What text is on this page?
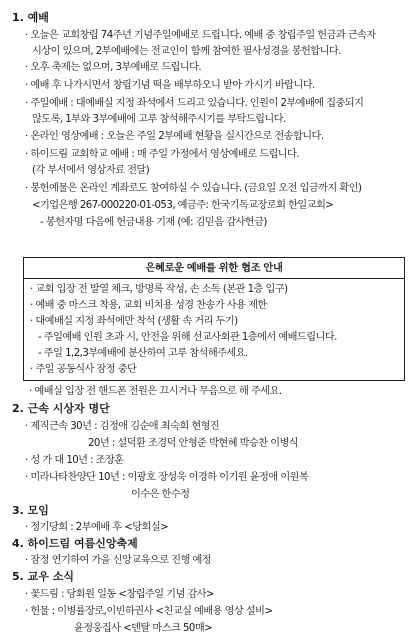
1. 예배
· 오늘은 교회창립 74주년 기념주일예배로 드립니다. 예배 중 창립주일 헌금과 근속자
시상이 있으며, 2부예배에는 전교인이 함께 참여한 필사성경을 봉헌합니다.
· 오후 축제는 없으며, 3부예배로 드립니다.
· 예배 후 나가시면서 창립기념 떡을 배부하오니 받아 가시기 바랍니다.
· 주일예배 : 대예배실 지정 좌석에서 드리고 있습니다. 인원이 2부예배에 집중되지
않도록, 1부와 3부예배에 고루 참석해주시기를 부탁드립니다.
· 온라인 영상예배 : 오늘은 주일 2부예배 현황을 실시간으로 전송합니다.
· 하이드림 교회학교 예배 : 매 주일 가정에서 영상예배로 드립니다.
(각 부서에서 영상자료 전달)
· 봉헌예물은 온라인 계좌로도 참여하실 수 있습니다. (금요일 오전 입금까지 확인)
<기업은행 267-000220-01-053, 예금주: 한국기독교장로회 한일교회>
- 봉헌자명 다음에 헌금내용 기재 (예: 김믿음 감사헌금)
은혜로운 예배를 위한 협조 안내
· 교회 입장 전 발열 체크, 방명록 작성, 손 소독 (본관 1층 입구)
· 예배 중 마스크 착용, 교회 비치용 성경 찬송가 사용 제한
· 대예배실 지정 좌석에만 착석 (생활 속 거리 두기)
- 주일예배 인원 초과 시, 안전을 위해 선교사회관 1층에서 예배드립니다.
- 주일 1,2,3부예배에 분산하여 고루 참석해주세요.
· 주일 공동식사 잠정 중단
· 예배실 입장 전 핸드폰 전원은 끄시거나 무음으로 해 주세요.
2. 근속 시상자 명단
· 제직근속 30년 : 김정애 김순애 최숙희 현형진
20년 : 설덕환 조경덕 안형준 박현혜 박승찬 이병식
· 성 가 대 10년 : 조장훈
· 미라나타찬양단 10년 : 이광호 장성욱 이경하 이기원 윤정애 이원복
이수은 한수정
3. 모임
· 정기당회 : 2부예배 후 <당회실>
4. 하이드림 여름신앙축제
· 잠정 연기하여 가을 신앙교육으로 진행 예정
5. 교우 소식
· 꽃드림 : 당회원 일동 <창립주일 기념 감사>
· 헌물 : 이병률장로,이빈하권사 <친교실 예배용 영상 설비>
윤정웅집사 <덴탈 마스크 50매>
